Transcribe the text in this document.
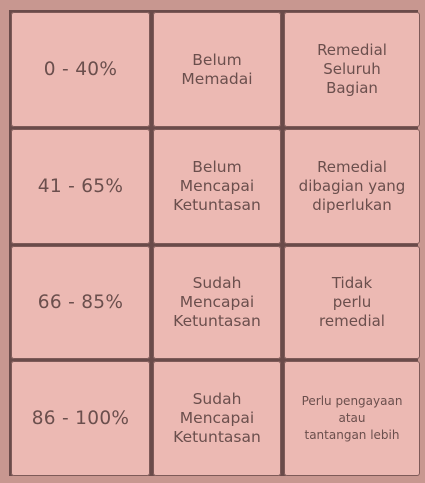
0 - 40%	Belum
Memadai
Remedial
Seluruh
Bagian
41 - 65%
Belum
Mencapai
Ketuntasan
Remedial
dibagian yang
diperlukan
66 - 85%
Sudah
Mencapai
Ketuntasan
Tidak
perlu
remedial
86 - 100%
Sudah
Mencapai
Ketuntasan
Perlu pengayaan
atau
tantangan lebih
